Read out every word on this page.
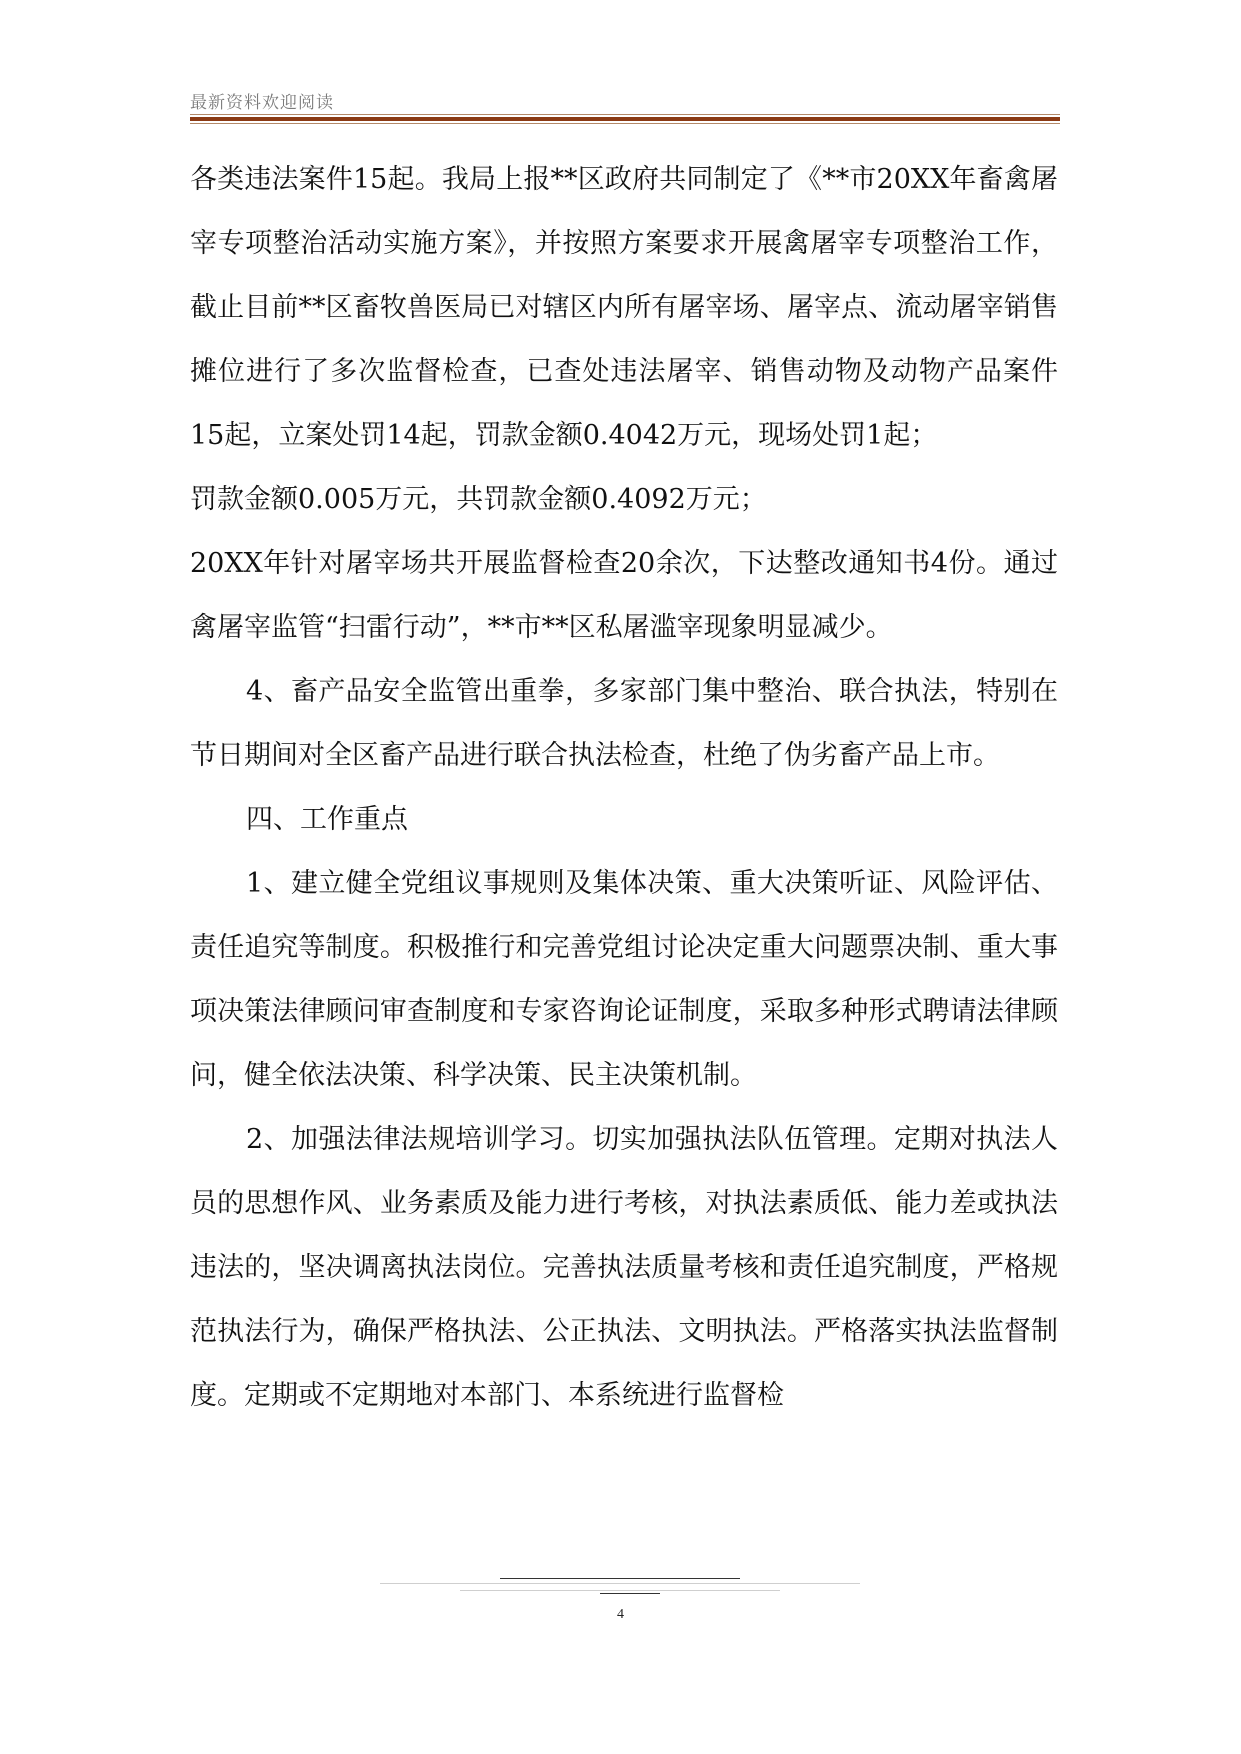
最新资料欢迎阅读

各类违法案件15起。我局上报**区政府共同制定了《**市20XX年畜禽屠宰专项整治活动实施方案》，并按照方案要求开展禽屠宰专项整治工作，截止目前**区畜牧兽医局已对辖区内所有屠宰场、屠宰点、流动屠宰销售摊位进行了多次监督检查，已查处违法屠宰、销售动物及动物产品案件15起，立案处罚14起，罚款金额0.4042万元，现场处罚1起；

罚款金额0.005万元，共罚款金额0.4092万元；

20XX年针对屠宰场共开展监督检查20余次，下达整改通知书4份。通过禽屠宰监管“扫雷行动”，**市**区私屠滥宰现象明显减少。

4、畜产品安全监管出重拳，多家部门集中整治、联合执法，特别在节日期间对全区畜产品进行联合执法检查，杜绝了伪劣畜产品上市。

四、工作重点

1、建立健全党组议事规则及集体决策、重大决策听证、风险评估、责任追究等制度。积极推行和完善党组讨论决定重大问题票决制、重大事项决策法律顾问审查制度和专家咨询论证制度，采取多种形式聘请法律顾问，健全依法决策、科学决策、民主决策机制。

2、加强法律法规培训学习。切实加强执法队伍管理。定期对执法人员的思想作风、业务素质及能力进行考核，对执法素质低、能力差或执法违法的，坚决调离执法岗位。完善执法质量考核和责任追究制度，严格规范执法行为，确保严格执法、公正执法、文明执法。严格落实执法监督制度。定期或不定期地对本部门、本系统进行监督检

4
